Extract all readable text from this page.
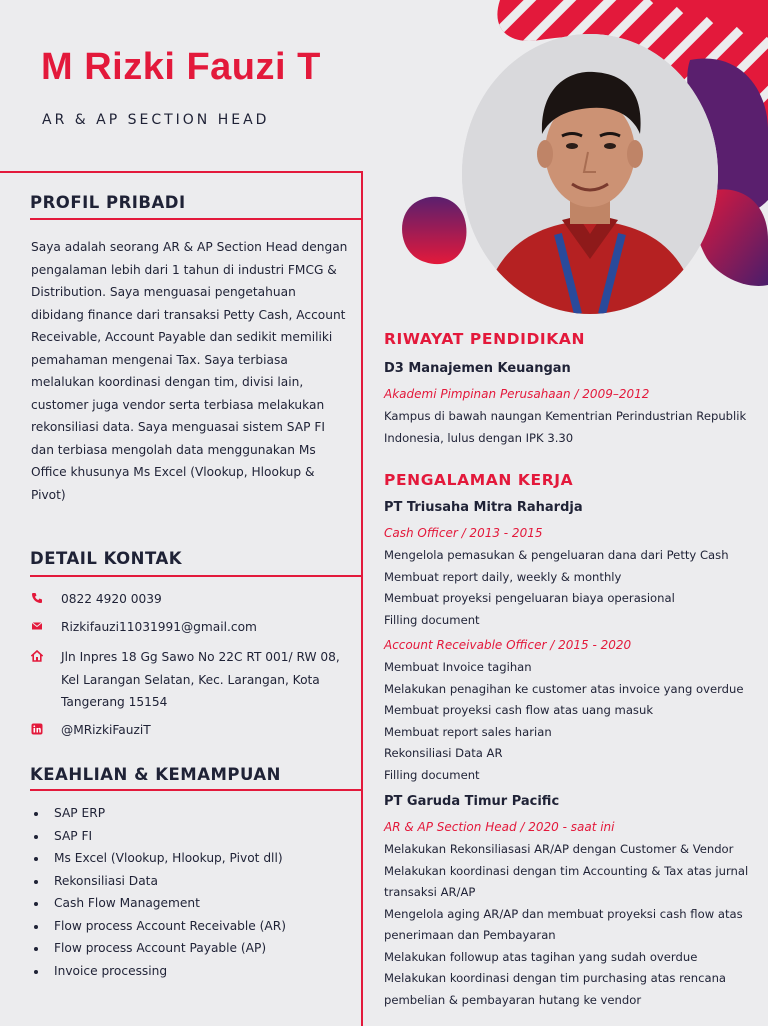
M Rizki Fauzi T
AR & AP SECTION HEAD
PROFIL PRIBADI

Saya adalah seorang AR & AP Section Head dengan pengalaman lebih dari 1 tahun di industri FMCG & Distribution. Saya menguasai pengetahuan dibidang finance dari transaksi Petty Cash, Account Receivable, Account Payable dan sedikit memiliki pemahaman mengenai Tax. Saya terbiasa melalukan koordinasi dengan tim, divisi lain, customer juga vendor serta terbiasa melakukan rekonsiliasi data. Saya menguasai sistem SAP FI dan terbiasa mengolah data menggunakan Ms Office khusunya Ms Excel (Vlookup, Hlookup & Pivot)

DETAIL KONTAK
0822 4920 0039
Rizkifauzi11031991@gmail.com
Jln Inpres 18 Gg Sawo No 22C RT 001/ RW 08, Kel Larangan Selatan, Kec. Larangan, Kota Tangerang 15154
@MRizkiFauziT
KEAHLIAN & KEMAMPUAN
SAP ERP
SAP FI
Ms Excel (Vlookup, Hlookup, Pivot dll)
Rekonsiliasi Data
Cash Flow Management
Flow process Account Receivable (AR)
Flow process Account Payable (AP)
Invoice processing
RIWAYAT PENDIDIKAN
D3 Manajemen Keuangan
Akademi Pimpinan Perusahaan / 2009–2012

Kampus di bawah naungan Kementrian Perindustrian Republik Indonesia, lulus dengan IPK 3.30

PENGALAMAN KERJA
PT Triusaha Mitra Rahardja
Cash Officer / 2013 - 2015
Mengelola pemasukan & pengeluaran dana dari Petty Cash
Membuat report daily, weekly & monthly
Membuat proyeksi pengeluaran biaya operasional
Filling document
Account Receivable Officer / 2015 - 2020
Membuat Invoice tagihan
Melakukan penagihan ke customer atas invoice yang overdue
Membuat proyeksi cash flow atas uang masuk
Membuat report sales harian
Rekonsiliasi Data AR
Filling document
PT Garuda Timur Pacific
AR & AP Section Head / 2020 - saat ini
Melakukan Rekonsiliasasi AR/AP dengan Customer & Vendor
Melakukan koordinasi dengan tim Accounting & Tax atas jurnal transaksi AR/AP
Mengelola aging AR/AP dan membuat proyeksi cash flow atas penerimaan dan Pembayaran
Melakukan followup atas tagihan yang sudah overdue
Melakukan koordinasi dengan tim purchasing atas rencana pembelian & pembayaran hutang ke vendor
